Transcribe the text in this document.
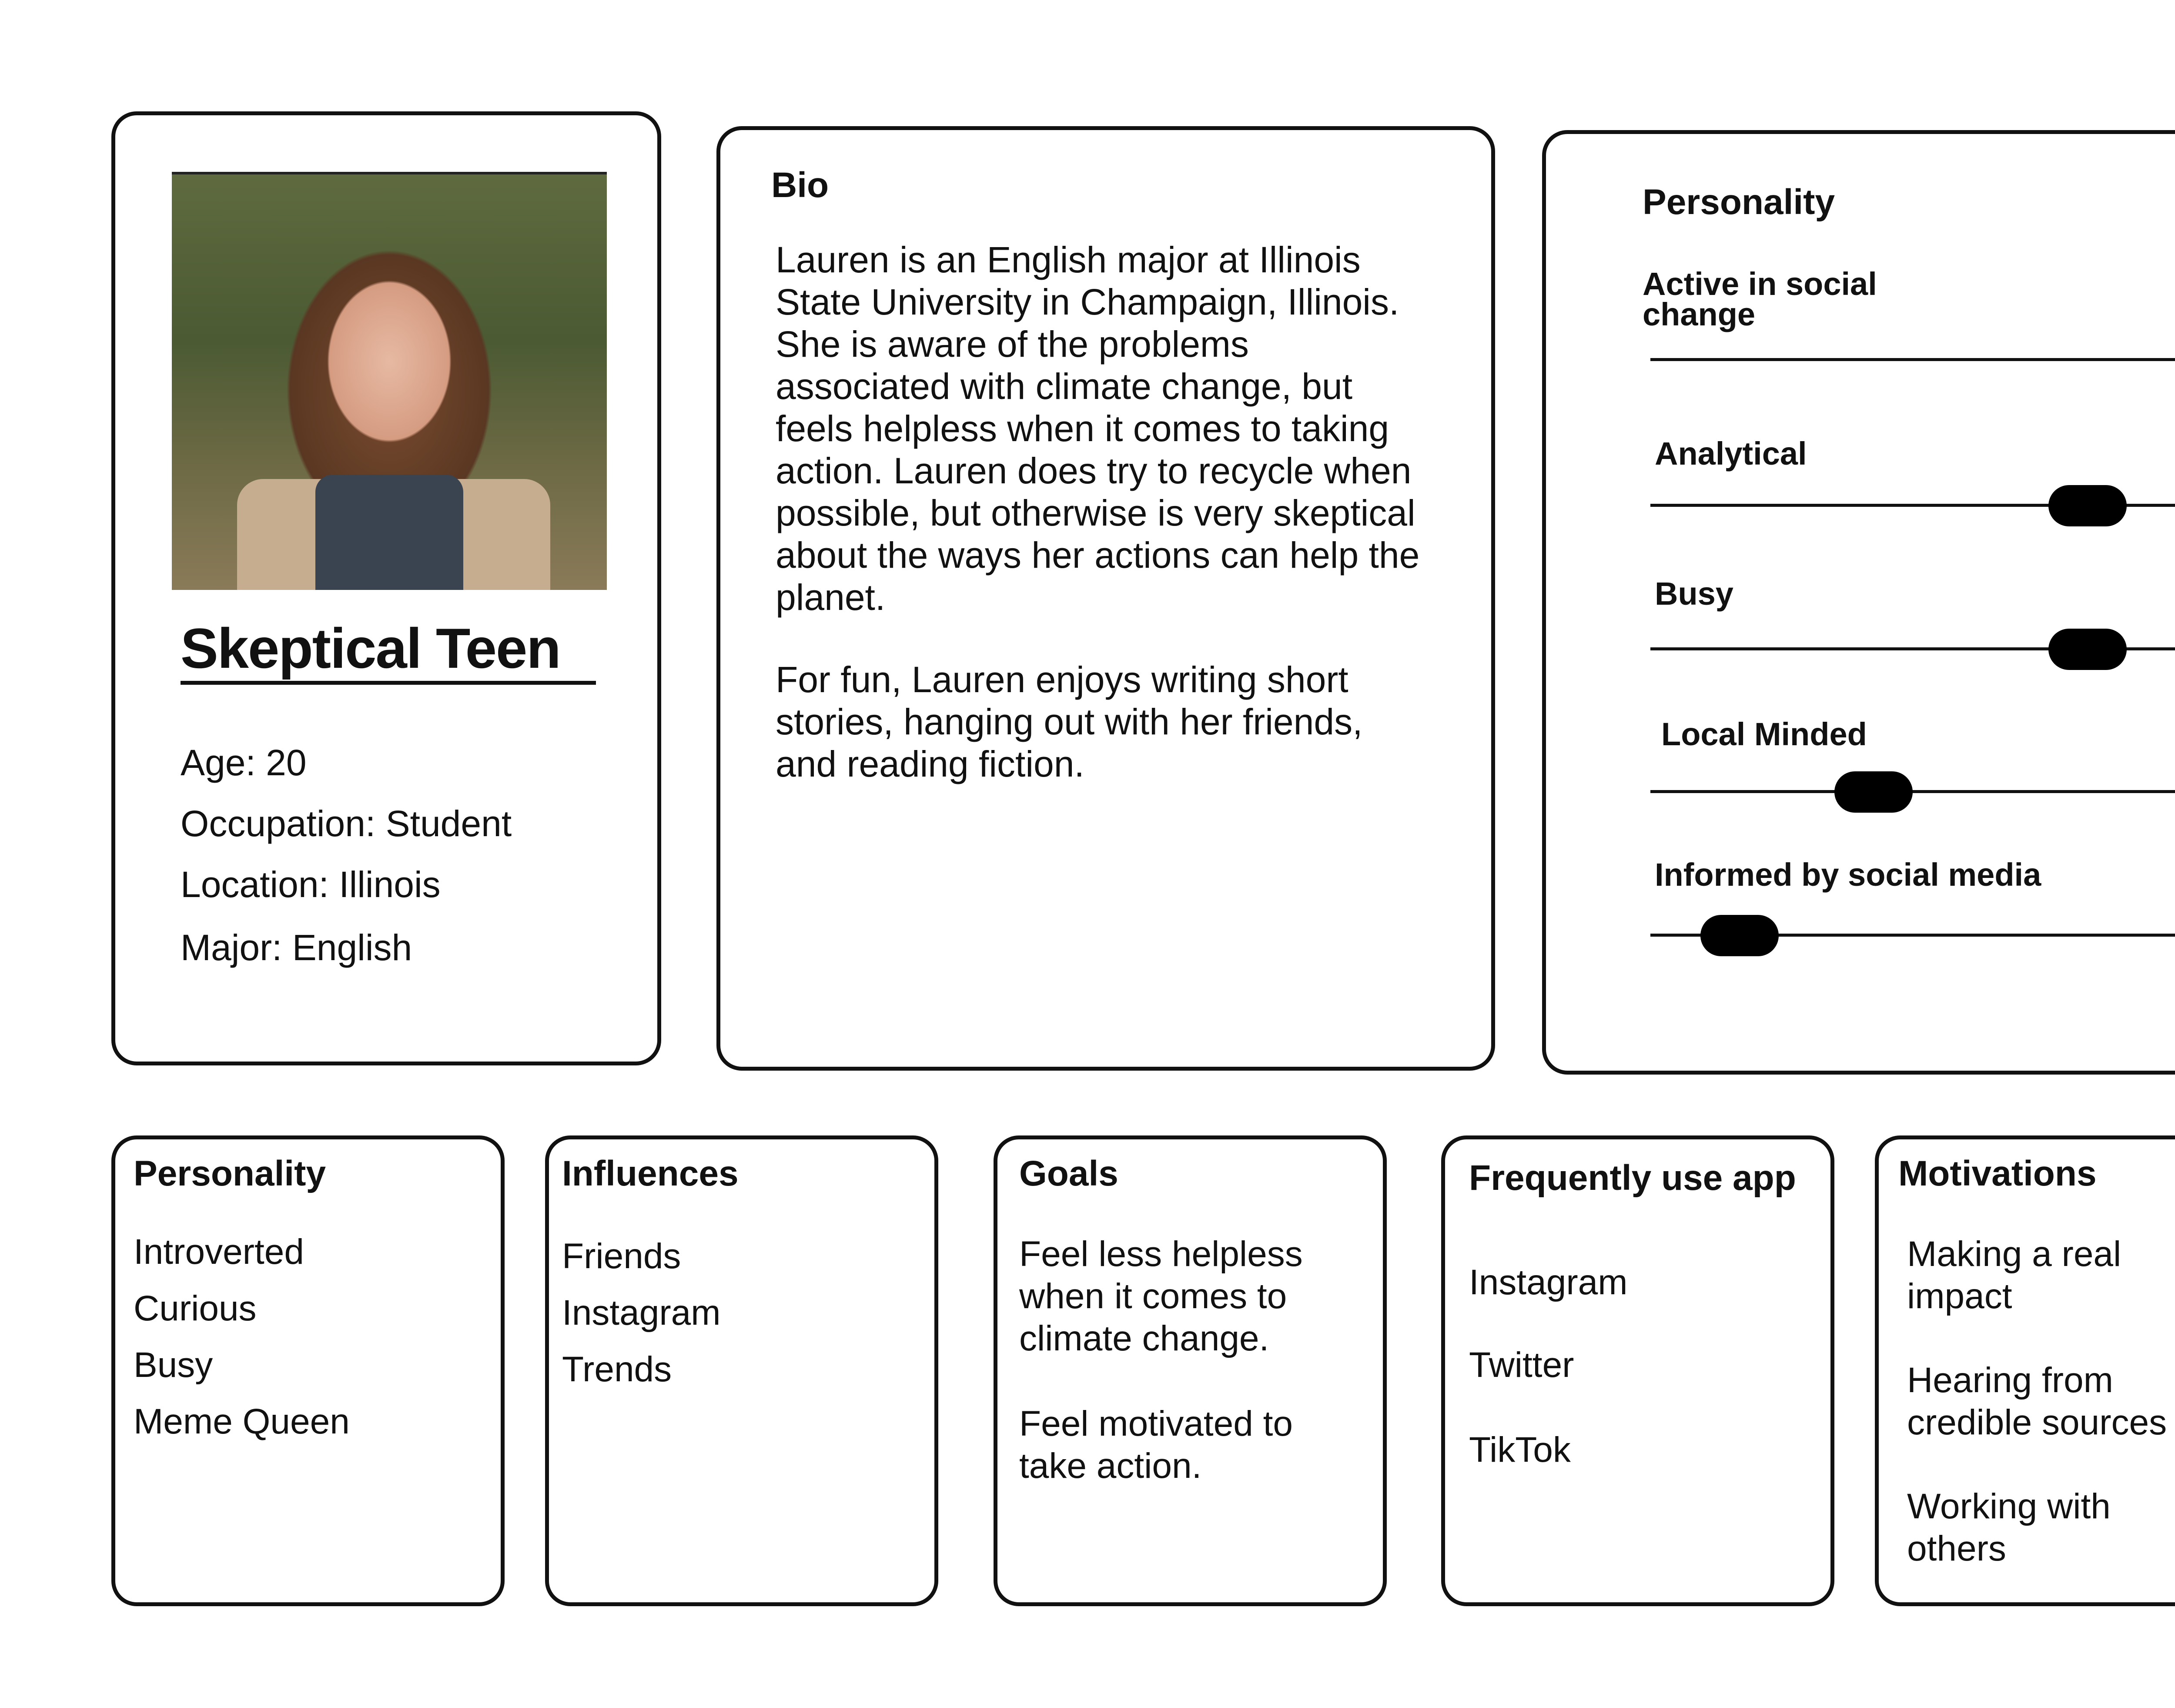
Skeptical Teen
Age: 20
Occupation: Student
Location: Illinois
Major: English
Bio
Lauren is an English major at Illinois
State University in Champaign, Illinois.
She is aware of the problems
associated with climate change, but
feels helpless when it comes to taking
action. Lauren does try to recycle when
possible, but otherwise is very skeptical
about the ways her actions can help the
planet.
For fun, Lauren enjoys writing short
stories, hanging out with her friends,
and reading fiction.
Personality
Active in social change
Analytical
Busy
Local Minded
Informed by social media
Personality
Introverted
Curious
Busy
Meme Queen
Influences
Friends
Instagram
Trends
Goals
Feel less helpless when it comes to climate change.
Feel motivated to take action.
Frequently use app
Instagram
Twitter
TikTok
Motivations
Making a real impact
Hearing from credible sources
Working with others
